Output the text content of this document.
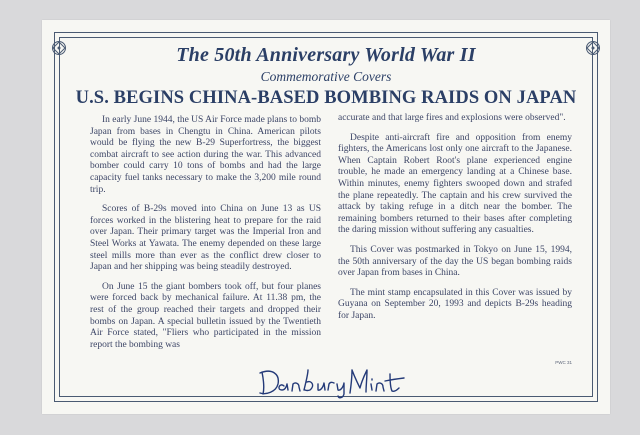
The 50th Anniversary World War II
Commemorative Covers
U.S. BEGINS CHINA-BASED BOMBING RAIDS ON JAPAN

In early June 1944, the US Air Force made plans to bomb Japan from bases in Chengtu in China. American pilots would be flying the new B-29 Superfortress, the biggest combat aircraft to see action during the war. This advanced bomber could carry 10 tons of bombs and had the large capacity fuel tanks necessary to make the 3,200 mile round trip.

Scores of B-29s moved into China on June 13 as US forces worked in the blistering heat to prepare for the raid over Japan. Their primary target was the Imperial Iron and Steel Works at Yawata. The enemy depended on these large steel mills more than ever as the conflict drew closer to Japan and her shipping was being steadily destroyed.

On June 15 the giant bombers took off, but four planes were forced back by mechanical failure. At 11.38 pm, the rest of the group reached their targets and dropped their bombs on Japan. A special bulletin issued by the Twentieth Air Force stated, "Fliers who participated in the mission report the bombing was

accurate and that large fires and explosions were observed".

Despite anti-aircraft fire and opposition from enemy fighters, the Americans lost only one aircraft to the Japanese. When Captain Robert Root's plane experienced engine trouble, he made an emergency landing at a Chinese base. Within minutes, enemy fighters swooped down and strafed the plane repeatedly. The captain and his crew survived the attack by taking refuge in a ditch near the bomber. The remaining bombers returned to their bases after completing the daring mission without suffering any casualties.

This Cover was postmarked in Tokyo on June 15, 1994, the 50th anniversary of the day the US began bombing raids over Japan from bases in China.

The mint stamp encapsulated in this Cover was issued by Guyana on September 20, 1993 and depicts B-29s heading for Japan.

PWC 31
